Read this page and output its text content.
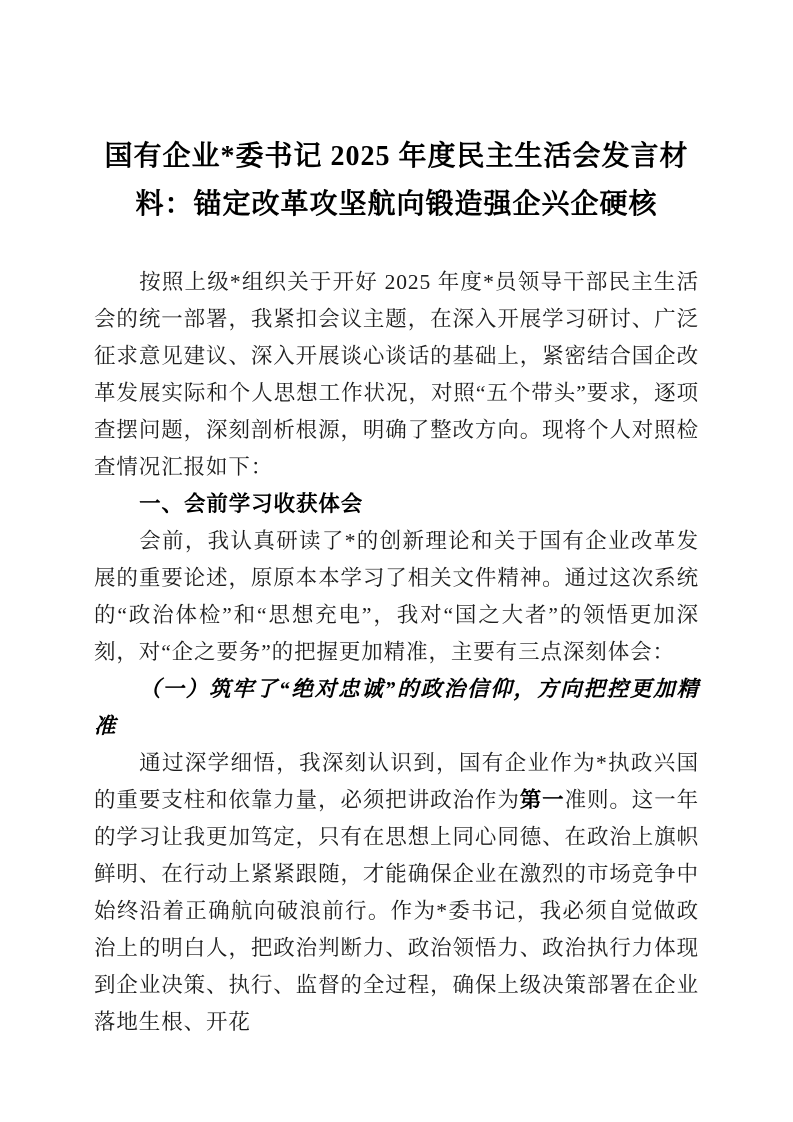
国有企业*委书记 2025 年度民主生活会发言材料：锚定改革攻坚航向锻造强企兴企硬核

按照上级*组织关于开好 2025 年度*员领导干部民主生活会的统一部署，我紧扣会议主题，在深入开展学习研讨、广泛征求意见建议、深入开展谈心谈话的基础上，紧密结合国企改革发展实际和个人思想工作状况，对照“五个带头”要求，逐项查摆问题，深刻剖析根源，明确了整改方向。现将个人对照检查情况汇报如下：

一、会前学习收获体会

会前，我认真研读了*的创新理论和关于国有企业改革发展的重要论述，原原本本学习了相关文件精神。通过这次系统的“政治体检”和“思想充电”，我对“国之大者”的领悟更加深刻，对“企之要务”的把握更加精准，主要有三点深刻体会：

（一）筑牢了“绝对忠诚”的政治信仰，方向把控更加精准

通过深学细悟，我深刻认识到，国有企业作为*执政兴国的重要支柱和依靠力量，必须把讲政治作为第一准则。这一年的学习让我更加笃定，只有在思想上同心同德、在政治上旗帜鲜明、在行动上紧紧跟随，才能确保企业在激烈的市场竞争中始终沿着正确航向破浪前行。作为*委书记，我必须自觉做政治上的明白人，把政治判断力、政治领悟力、政治执行力体现到企业决策、执行、监督的全过程，确保上级决策部署在企业落地生根、开花
